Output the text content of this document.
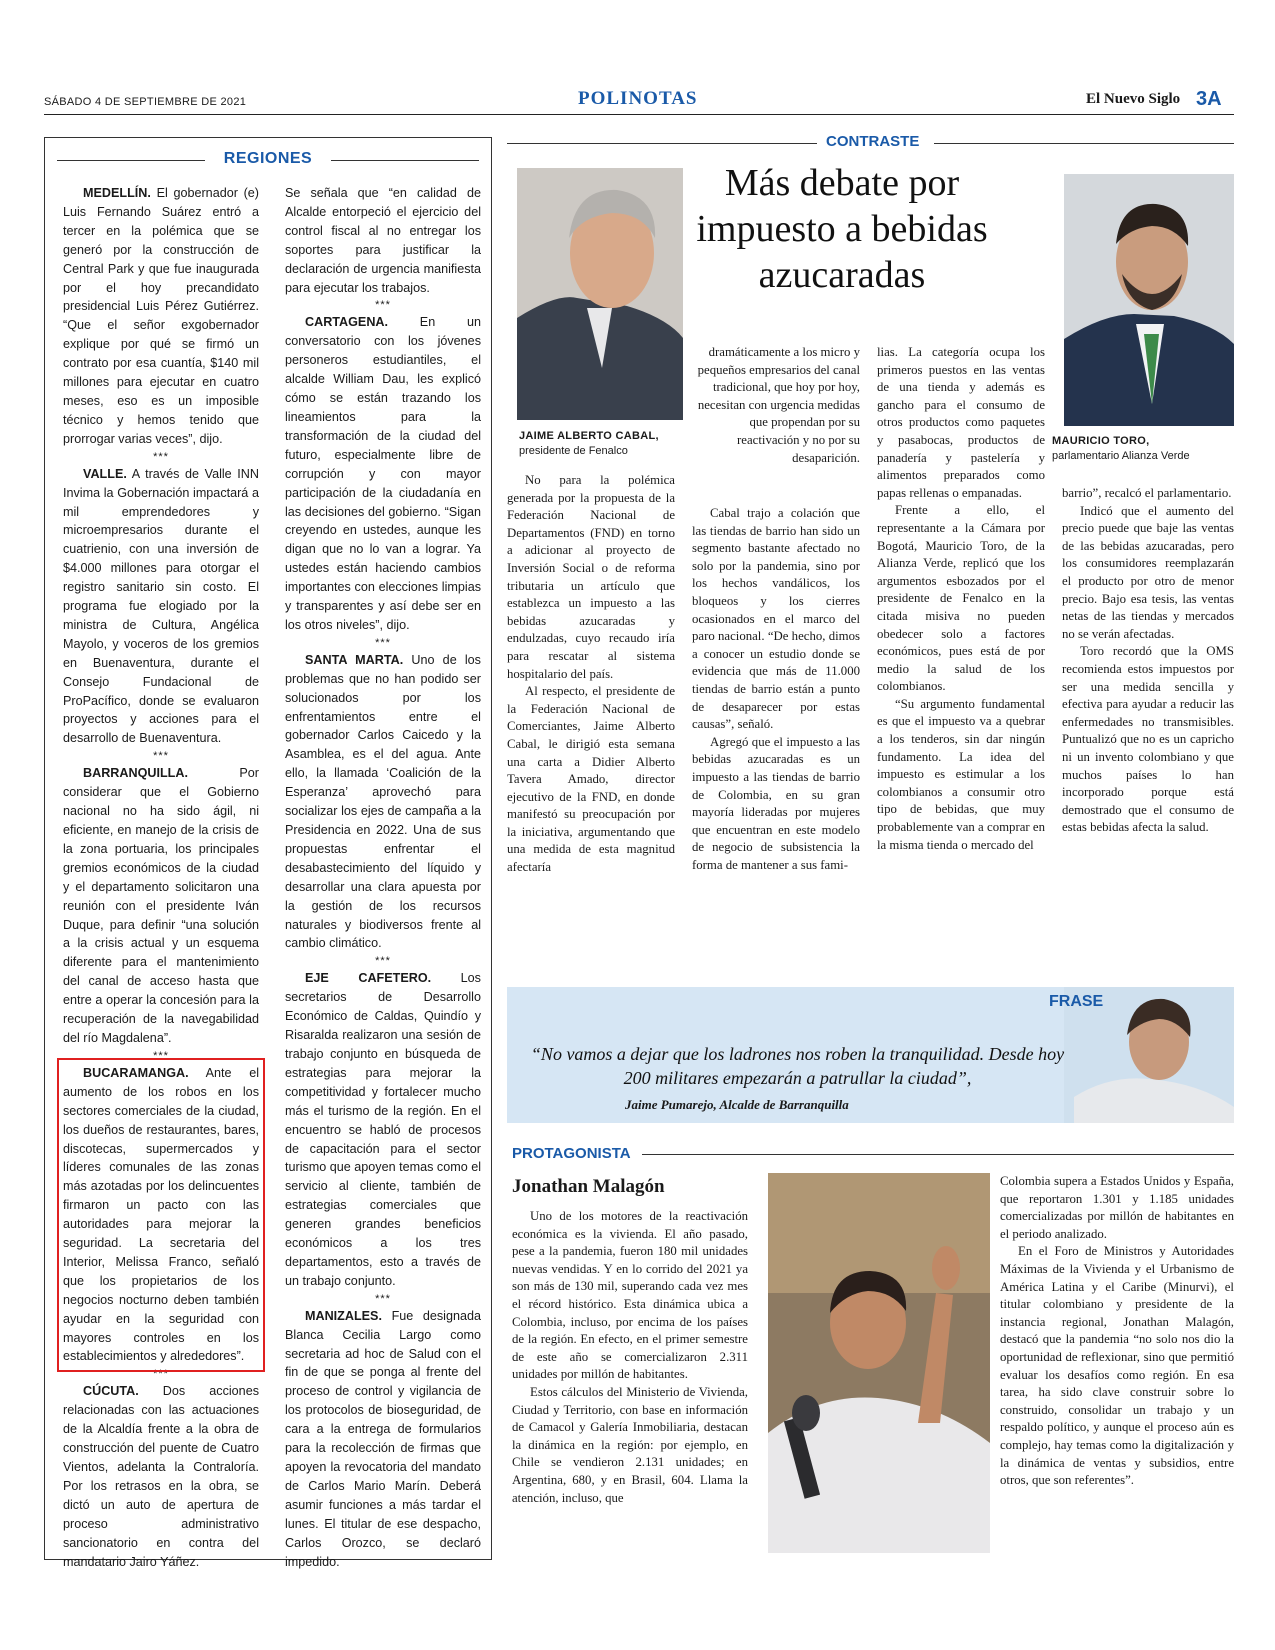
SÁBADO 4 DE SEPTIEMBRE DE 2021	POLINOTAS	El Nuevo Siglo 3A
REGIONES

MEDELLÍN. El gobernador (e) Luis Fernando Suárez entró a tercer en la polémica que se generó por la construcción de Central Park y que fue inaugurada por el hoy precandidato presidencial Luis Pérez Gutiérrez. “Que el señor exgobernador explique por qué se firmó un contrato por esa cuantía, $140 mil millones para ejecutar en cuatro meses, eso es un imposible técnico y hemos tenido que prorrogar varias veces”, dijo.

***

VALLE. A través de Valle INN Invima la Gobernación impactará a mil emprendedores y microempresarios durante el cuatrienio, con una inversión de $4.000 millones para otorgar el registro sanitario sin costo. El programa fue elogiado por la ministra de Cultura, Angélica Mayolo, y voceros de los gremios en Buenaventura, durante el Consejo Fundacional de ProPacífico, donde se evaluaron proyectos y acciones para el desarrollo de Buenaventura.

***

BARRANQUILLA. Por considerar que el Gobierno nacional no ha sido ágil, ni eficiente, en manejo de la crisis de la zona portuaria, los principales gremios económicos de la ciudad y el departamento solicitaron una reunión con el presidente Iván Duque, para definir “una solución a la crisis actual y un esquema diferente para el mantenimiento del canal de acceso hasta que entre a operar la concesión para la recuperación de la navegabilidad del río Magdalena”.

***

BUCARAMANGA. Ante el aumento de los robos en los sectores comerciales de la ciudad, los dueños de restaurantes, bares, discotecas, supermercados y líderes comunales de las zonas más azotadas por los delincuentes firmaron un pacto con las autoridades para mejorar la seguridad. La secretaria del Interior, Melissa Franco, señaló que los propietarios de los negocios nocturno deben también ayudar en la seguridad con mayores controles en los establecimientos y alrededores”.

***

CÚCUTA. Dos acciones relacionadas con las actuaciones de la Alcaldía frente a la obra de construcción del puente de Cuatro Vientos, adelanta la Contraloría. Por los retrasos en la obra, se dictó un auto de apertura de proceso administrativo sancionatorio en contra del mandatario Jairo Yáñez.

Se señala que “en calidad de Alcalde entorpeció el ejercicio del control fiscal al no entregar los soportes para justificar la declaración de urgencia manifiesta para ejecutar los trabajos.

***

CARTAGENA. En un conversatorio con los jóvenes personeros estudiantiles, el alcalde William Dau, les explicó cómo se están trazando los lineamientos para la transformación de la ciudad del futuro, especialmente libre de corrupción y con mayor participación de la ciudadanía en las decisiones del gobierno. “Sigan creyendo en ustedes, aunque les digan que no lo van a lograr. Ya ustedes están haciendo cambios importantes con elecciones limpias y transparentes y así debe ser en los otros niveles”, dijo.

***

SANTA MARTA. Uno de los problemas que no han podido ser solucionados por los enfrentamientos entre el gobernador Carlos Caicedo y la Asamblea, es el del agua. Ante ello, la llamada ‘Coalición de la Esperanza’ aprovechó para socializar los ejes de campaña a la Presidencia en 2022. Una de sus propuestas enfrentar el desabastecimiento del líquido y desarrollar una clara apuesta por la gestión de los recursos naturales y biodiversos frente al cambio climático.

***

EJE CAFETERO. Los secretarios de Desarrollo Económico de Caldas, Quindío y Risaralda realizaron una sesión de trabajo conjunto en búsqueda de estrategias para mejorar la competitividad y fortalecer mucho más el turismo de la región. En el encuentro se habló de procesos de capacitación para el sector turismo que apoyen temas como el servicio al cliente, también de estrategias comerciales que generen grandes beneficios económicos a los tres departamentos, esto a través de un trabajo conjunto.

***

MANIZALES. Fue designada Blanca Cecilia Largo como secretaria ad hoc de Salud con el fin de que se ponga al frente del proceso de control y vigilancia de los protocolos de bioseguridad, de cara a la entrega de formularios para la recolección de firmas que apoyen la revocatoria del mandato de Carlos Mario Marín. Deberá asumir funciones a más tardar el lunes. El titular de ese despacho, Carlos Orozco, se declaró impedido.

CONTRASTE
Más debate por impuesto a bebidas azucaradas
JAIME ALBERTO CABAL,
presidente de Fenalco
MAURICIO TORO,
parlamentario Alianza Verde

dramáticamente a los micro y pequeños empresarios del canal tradicional, que hoy por hoy, necesitan con urgencia medidas que propendan por su reactivación y no por su desaparición.

No para la polémica generada por la propuesta de la Federación Nacional de Departamentos (FND) en torno a adicionar al proyecto de Inversión Social o de reforma tributaria un artículo que establezca un impuesto a las bebidas azucaradas y endulzadas, cuyo recaudo iría para rescatar al sistema hospitalario del país.

Al respecto, el presidente de la Federación Nacional de Comerciantes, Jaime Alberto Cabal, le dirigió esta semana una carta a Didier Alberto Tavera Amado, director ejecutivo de la FND, en donde manifestó su preocupación por la iniciativa, argumentando que una medida de esta magnitud afectaría

Cabal trajo a colación que las tiendas de barrio han sido un segmento bastante afectado no solo por la pandemia, sino por los hechos vandálicos, los bloqueos y los cierres ocasionados en el marco del paro nacional. “De hecho, dimos a conocer un estudio donde se evidencia que más de 11.000 tiendas de barrio están a punto de desaparecer por estas causas”, señaló.

Agregó que el impuesto a las bebidas azucaradas es un impuesto a las tiendas de barrio de Colombia, en su gran mayoría lideradas por mujeres que encuentran en este modelo de negocio de subsistencia la forma de mantener a sus fami-

lias. La categoría ocupa los primeros puestos en las ventas de una tienda y además es gancho para el consumo de otros productos como paquetes y pasabocas, productos de panadería y pastelería y alimentos preparados como papas rellenas o empanadas.

Frente a ello, el representante a la Cámara por Bogotá, Mauricio Toro, de la Alianza Verde, replicó que los argumentos esbozados por el presidente de Fenalco en la citada misiva no pueden obedecer solo a factores económicos, pues está de por medio la salud de los colombianos.

“Su argumento fundamental es que el impuesto va a quebrar a los tenderos, sin dar ningún fundamento. La idea del impuesto es estimular a los colombianos a consumir otro tipo de bebidas, que muy probablemente van a comprar en la misma tienda o mercado del

barrio”, recalcó el parlamentario.

Indicó que el aumento del precio puede que baje las ventas de las bebidas azucaradas, pero los consumidores reemplazarán el producto por otro de menor precio. Bajo esa tesis, las ventas netas de las tiendas y mercados no se verán afectadas.

Toro recordó que la OMS recomienda estos impuestos por ser una medida sencilla y efectiva para ayudar a reducir las enfermedades no transmisibles. Puntualizó que no es un capricho ni un invento colombiano y que muchos países lo han incorporado porque está demostrado que el consumo de estas bebidas afecta la salud.

FRASE
“No vamos a dejar que los ladrones nos roben la tranquilidad. Desde hoy 200 militares empezarán a patrullar la ciudad”,
Jaime Pumarejo, Alcalde de Barranquilla
PROTAGONISTA
Jonathan Malagón

Uno de los motores de la reactivación económica es la vivienda. El año pasado, pese a la pandemia, fueron 180 mil unidades nuevas vendidas. Y en lo corrido del 2021 ya son más de 130 mil, superando cada vez mes el récord histórico. Esta dinámica ubica a Colombia, incluso, por encima de los países de la región. En efecto, en el primer semestre de este año se comercializaron 2.311 unidades por millón de habitantes.

Estos cálculos del Ministerio de Vivienda, Ciudad y Territorio, con base en información de Camacol y Galería Inmobiliaria, destacan la dinámica en la región: por ejemplo, en Chile se vendieron 2.131 unidades; en Argentina, 680, y en Brasil, 604. Llama la atención, incluso, que

Colombia supera a Estados Unidos y España, que reportaron 1.301 y 1.185 unidades comercializadas por millón de habitantes en el periodo analizado.

En el Foro de Ministros y Autoridades Máximas de la Vivienda y el Urbanismo de América Latina y el Caribe (Minurvi), el titular colombiano y presidente de la instancia regional, Jonathan Malagón, destacó que la pandemia “no solo nos dio la oportunidad de reflexionar, sino que permitió evaluar los desafíos como región. En esa tarea, ha sido clave construir sobre lo construido, consolidar un trabajo y un respaldo político, y aunque el proceso aún es complejo, hay temas como la digitalización y la dinámica de ventas y subsidios, entre otros, que son referentes”.
